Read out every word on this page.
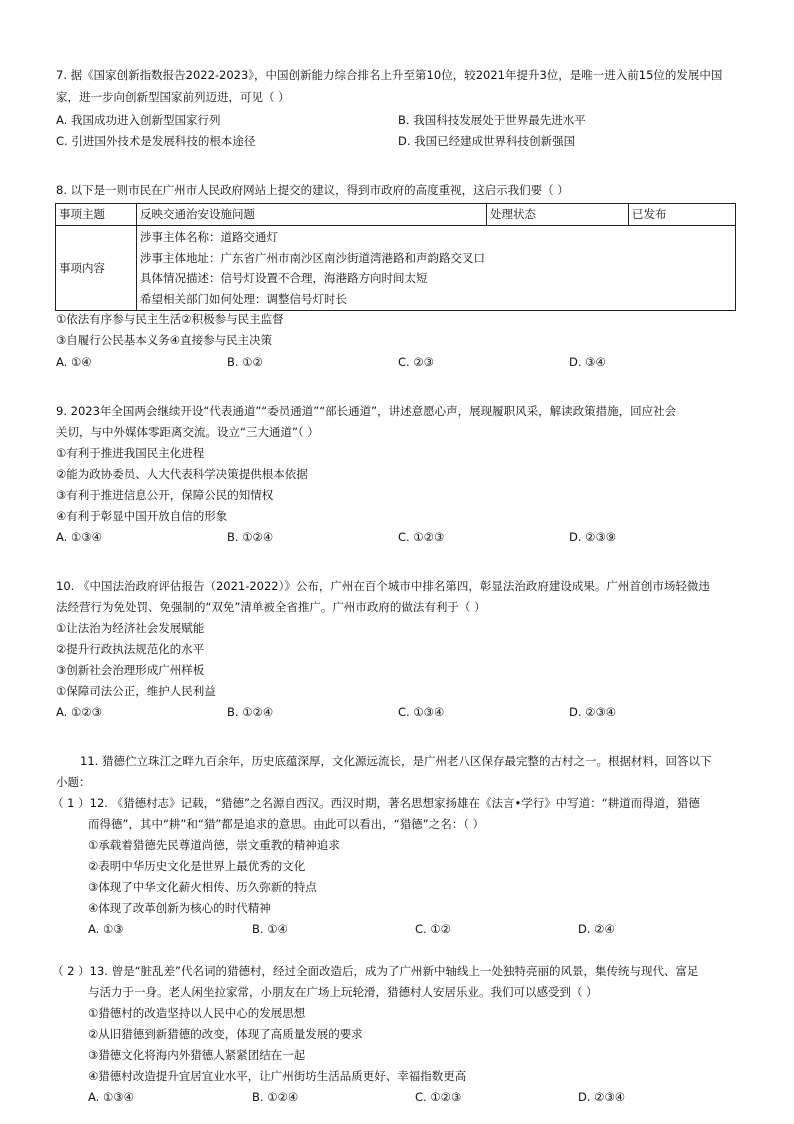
7. 据《国家创新指数报告2022-2023》，中国创新能力综合排名上升至第10位，较2021年提升3位，是唯一进入前15位的发展中国
家，进一步向创新型国家前列迈进，可见（ ）
A. 我国成功进入创新型国家行列	B. 我国科技发展处于世界最先进水平
C. 引进国外技术是发展科技的根本途径	D. 我国已经建成世界科技创新强国
8. 以下是一则市民在广州市人民政府网站上提交的建议，得到市政府的高度重视，这启示我们要（ ）
事项主题	反映交通治安设施问题	处理状态	已发布
事项内容	涉事主体名称：道路交通灯
涉事主体地址：广东省广州市南沙区南沙街道湾港路和声韵路交叉口
具体情况描述：信号灯设置不合理，海港路方向时间太短
希望相关部门如何处理：调整信号灯时长		
①依法有序参与民主生活②积极参与民主监督
③自履行公民基本义务④直接参与民主决策
A. ①④	B. ①②	C. ②③	D. ③④
9. 2023年全国两会继续开设“代表通道”“委员通道”“部长通道”，讲述意愿心声，展现履职风采，解读政策措施，回应社会
关切，与中外媒体零距离交流。设立“三大通道”（ ）
①有利于推进我国民主化进程
②能为政协委员、人大代表科学决策提供根本依据
③有利于推进信息公开，保障公民的知情权
④有利于彰显中国开放自信的形象
A. ①③④	B. ①②④	C. ①②③	D. ②③⑨
10. 《中国法治政府评估报告（2021-2022）》公布，广州在百个城市中排名第四，彰显法治政府建设成果。广州首创市场轻微违
法经营行为免处罚、免强制的“双免”清单被全省推广。广州市政府的做法有利于（ ）
①让法治为经济社会发展赋能
②提升行政执法规范化的水平
③创新社会治理形成广州样板
①保障司法公正，维护人民利益
A. ①②③	B. ①②④	C. ①③④	D. ②③④
11. 猎德伫立珠江之畔九百余年，历史底蕴深厚，文化源远流长，是广州老八区保存最完整的古村之一。根据材料，回答以下
小题：
（ 1 ）12. 《猎德村志》记载，“猎德”之名源自西汉。西汉时期，著名思想家扬雄在《法言•学行》中写道：“耕道而得道，猎德
而得德”，其中“耕”和“猎”都是追求的意思。由此可以看出，“猎德”之名：（ ）
①承载着猎德先民尊道尚德，崇文重教的精神追求
②表明中华历史文化是世界上最优秀的文化
③体现了中华文化薪火相传、历久弥新的特点
④体现了改革创新为核心的时代精神
A. ①③	B. ①④	C. ①②	D. ②④
（ 2 ）13. 曾是“脏乱差”代名词的猎德村，经过全面改造后，成为了广州新中轴线上一处独特亮丽的风景，集传统与现代、富足
与活力于一身。老人闲坐拉家常，小朋友在广场上玩轮滑，猎德村人安居乐业。我们可以感受到（ ）
①猎德村的改造坚持以人民中心的发展思想
②从旧猎德到新猎德的改变，体现了高质量发展的要求
③猎德文化将海内外猎德人紧紧团结在一起
④猎德村改造提升宜居宜业水平，让广州街坊生活品质更好、幸福指数更高
A. ①③④	B. ①②④	C. ①②③	D. ②③④
